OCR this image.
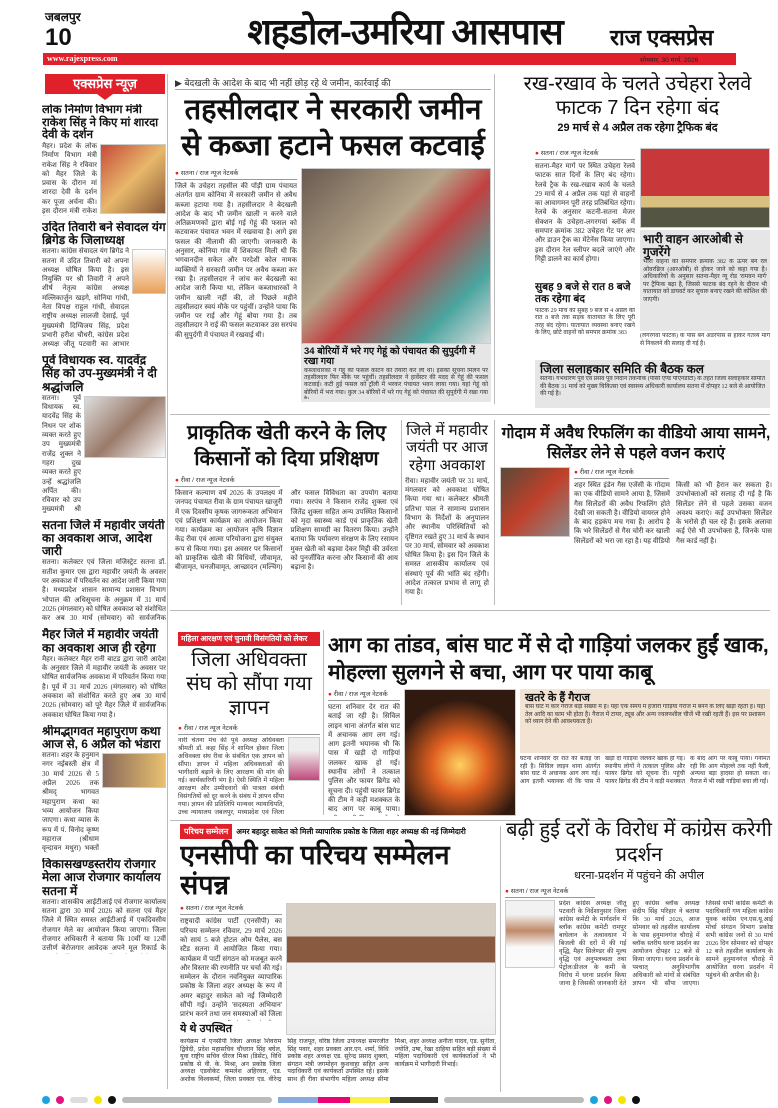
जबलपुर
10	शहडोल-उमरिया आसपास	राज एक्सप्रेस
www.rajexpress.com	सोमवार, 30 मार्च, 2026
एक्सप्रेस न्यूज़
लोक निर्माण विभाग मंत्री राकेश सिंह ने किए मां शारदा देवी के दर्शन
मैहर। प्रदेश के लोक निर्माण विभाग मंत्री राकेश सिंह ने रविवार को मैहर जिले के प्रवास के दौरान मां शारदा देवी के दर्शन कर पूजा अर्चना की। इस दौरान मंत्री राकेश
उदित तिवारी बने सेवादल यंग ब्रिगेड के जिलाध्यक्ष
सतना। कांग्रेस सेवादल यंग ब्रिगेड ने सतना में उदित तिवारी को अपना अध्यक्ष घोषित किया है। इस नियुक्ति पर श्री तिवारी ने अपने शीर्ष नेतृत्व कांग्रेस अध्यक्ष मल्लिकार्जुन खड़गे, सोनिया गांधी, नेता विपक्ष राहुल गांधी, सेवादल राष्ट्रीय अध्यक्ष लालजी देसाई, पूर्व मुख्यमंत्री दिग्विजय सिंह, प्रदेश प्रभारी हरीश चौधरी, कांग्रेस प्रदेश अध्यक्ष जीतू पटवारी का आभार
पूर्व विधायक स्व. यादवेंद्र सिंह को उप-मुख्यमंत्री ने दी श्रद्धांजलि
सतना। पूर्व विधायक स्व. यादवेंद्र सिंह के निधन पर शोक व्यक्त करते हुए उप मुख्यमंत्री राजेंद्र शुक्ल ने गहरा दुख व्यक्त करते हुए उन्हें श्रद्धांजलि अर्पित की। रविवार को उप मुख्यमंत्री श्री
सतना जिले में महावीर जयंती का अवकाश आज, आदेश जारी
सतना। कलेक्टर एवं जिला मजिस्ट्रेट सतना डॉ. सतीश कुमार एस द्वारा महावीर जयंती के अवसर पर अवकाश में परिवर्तन का आदेश जारी किया गया है। मध्यप्रदेश शासन सामान्य प्रशासन विभाग भोपाल की अधिसूचना के अनुक्रम में 31 मार्च 2026 (मंगलवार) को घोषित अवकाश को संशोधित कर अब 30 मार्च (सोमवार) को सार्वजनिक
मैहर जिले में महावीर जयंती का अवकाश आज ही रहेगा
मैहर। कलेक्टर मैहर रानी बाटड द्वारा जारी आदेश के अनुसार जिले में महावीर जयंती के अवसर पर घोषित सार्वजनिक अवकाश में परिवर्तन किया गया है। पूर्व में 31 मार्च 2026 (मंगलवार) को घोषित अवकाश को संशोधित करते हुए अब 30 मार्च 2026 (सोमवार) को पूरे मैहर जिले में सार्वजनिक अवकाश घोषित किया गया है।
श्रीमद्भागवत महापुराण कथा आज से, 6 अप्रैल को भंडारा
सतना। शहर के हनुमान नगर नईबस्ती क्षेत्र में 30 मार्च 2026 से 5 अप्रैल 2026 तक श्रीमद् भागवत महापुराण कथा का भव्य आयोजन किया जाएगा। कथा व्यास के रूप में पं. विनोद कृष्ण महाराज (श्रीधाम वृन्दावन मथुरा) भक्तों
विकासखण्डस्तरीय रोजगार मेला आज रोजगार कार्यालय सतना में
सतना। शासकीय आईटीआई एवं रोजगार कार्यालय सतना द्वारा 30 मार्च 2026 को सतना एवं मैहर जिले में स्थित समस्त आईटीआई में एकदिवसीय रोजगार मेले का आयोजन किया जाएगा। जिला रोजगार अधिकारी ने बताया कि 10वीं या 12वीं उत्तीर्ण बेरोजगार आवेदक अपने मूल रिकार्ड के
▶ बेदखली के आदेश के बाद भी नहीं छोड़ रहे थे जमीन, कार्रवाई की
तहसीलदार ने सरकारी जमीन से कब्जा हटाने फसल कटवाई
● सतना / राज न्यूज नेटवर्क
जिले के उचेहरा तहसील की पोंड़ी ग्राम पंचायत अंतर्गत ग्राम कोनिया में सरकारी जमीन से अवैध कब्जा हटाया गया है। तहसीलदार ने बेदखली आदेश के बाद भी जमीन खाली न करने वाले अतिक्रमणकों द्वारा बोई गई गेहूं की फसल को कटवाकर पंचायत भवन में रखवाया है। आगे इस फसल की नीलामी की जाएगी। जानकारी के अनुसार, कोनिया गांव में शिकायत मिली थी कि भगवानदीन सकेत और परदेशी कोल नामक व्यक्तियों ने सरकारी जमीन पर अवैध कब्जा कर रखा है। तहसीलदार ने जांच कर बेदखली का आदेश जारी किया था, लेकिन कब्जाधारकों ने जमीन खाली नहीं की, तो पिछले महीने तहसीलदार स्वयं मौके पर पहुंचीं। उन्होंने पाया कि जमीन पर राई और गेहूं बोया गया है। तब तहसीलदार ने राई की फसल कटवाकर उस सरपंच की सुपुर्दगी में पंचायत में रखवाई थी।
34 बोरियों में भरे गए गेहूं को पंचायत की सुपुर्दगी में रखा गया
कब्जाधारकों ने गेहूं की फसल काटने की तैयारी कर ली थी। इसकी सूचना मिलने पर तहसीलदार फिर मौके पर पहुंचीं। तहसीलदार ने हार्वेस्टर की मदद से गेहूं की फसल कटवाई। कटी हुई फसल को ट्रॉली में भरकर पंचायत भवन लाया गया। यहां गेहूं को बोरियों में भरा गया। कुल 34 बोरियों में भरे गए गेहूं को पंचायत की सुपुर्दगी में रखा गया
रख-रखाव के चलते उचेहरा रेलवे फाटक 7 दिन रहेगा बंद
29 मार्च से 4 अप्रैल तक रहेगा ट्रैफिक बंद
● सतना / राज न्यूज नेटवर्क
सतना-मैहर मार्ग पर स्थित उचेहरा रेलवे फाटक सात दिनों के लिए बंद रहेगा। रेलवे ट्रैक के रख-रखाव कार्य के चलते 29 मार्च से 4 अप्रैल तक यहां से वाहनों का आवागमन पूरी तरह प्रतिबंधित रहेगा। रेलवे के अनुसार कटनी-सतना मेजर सेक्शन के उचेहरा-लगरगवां ब्लॉक में समपार क्रमांक 382 उचेहरा गेट पर अप और डाउन ट्रैक का मेंटेनेंस किया जाएगा। इस दौरान रेल स्लीपर बदले जाएंगे और गिट्टी डालने का कार्य होगा।
सुबह 9 बजे से रात 8 बजे तक रहेगा बंद
फाटक 29 मार्च की सुबह 9 बजे से 4 अप्रैल की रात 8 बजे तक सड़क यातायात के लिए पूरी तरह बंद रहेगा। यातायात व्यवस्था बनाए रखने के लिए, छोटे वाहनों को समपार क्रमांक 383
भारी वाहन आरओबी से गुजरेंगे
भारी वाहनों को समपार क्रमांक 382 के ऊपर बने रेल ओवरब्रिज (आरओबी) से होकर जाने को कहा गया है। अधिकारियों के अनुसार सतना-मैहर न्यू रोड 'रामवन मार्ग' पर ट्रैफिक बढ़ा है, जिससे फाटक बंद रहने के दौरान भी यातायात को डायवर्ट कर सुचारु बनाए रखने की कोशिश की जाएगी।
(लगरगवां फाटक) के पास बने अंडरपास से होकर गंतव्य मार्ग से निकलने की सलाह दी गई है।
जिला सलाहकार समिति की बैठक कल
सतना। गर्भधारण पूर्व एवं प्रसव पूर्व निदान तकनीक (पीसी एण्ड पीएनडीटी) के तहत जिला सलाहकार समिति की बैठक 31 मार्च को मुख्य चिकित्सा एवं स्वास्थ्य अधिकारी कार्यालय सतना में दोपहर 12 बजे से आयोजित की गई है।
प्राकृतिक खेती करने के लिए किसानों को दिया प्रशिक्षण
● रीवा / राज न्यूज नेटवर्क
किसान कल्याण वर्ष 2026 के उपलक्ष्य में जनपद पंचायत रीवा के ग्राम पंचायत खाजुरी में एक दिवसीय कृषक जागरूकता अभियान एवं प्रशिक्षण कार्यक्रम का आयोजन किया गया। कार्यक्रम का आयोजन कृषि विज्ञान केंद्र रीवा एवं आत्मा परियोजना द्वारा संयुक्त रूप से किया गया। इस अवसर पर किसानों को प्राकृतिक खेती की विधियों, जीवामृत, बीजामृत, घनजीवामृत, आच्छादन (मल्चिंग) और फसल विविधता का उपयोग बताया गया। सरपंच ने किसान राजेंद्र शुक्ला एवं जितेंद्र शुक्ला सहित अन्य उपस्थित किसानों को मृदा स्वास्थ्य कार्ड एवं प्राकृतिक खेती प्रशिक्षण सामग्री का वितरण किया। उन्होंने बताया कि पर्यावरण संरक्षण के लिए रसायन मुक्त खेती को बढ़ावा देकर मिट्टी की उर्वरता को पुनर्जीवित करना और किसानों की आय बढ़ाना है।
जिले में महावीर जयंती पर आज रहेगा अवकाश
रीवा। महावीर जयंती पर 31 मार्च, मंगलवार को अवकाश घोषित किया गया था। कलेक्टर श्रीमती प्रतिभा पाल ने सामान्य प्रशासन विभाग के निर्देशों के अनुपालन और स्थानीय परिस्थितियों को दृष्टिगत रखते हुए 31 मार्च के स्थान पर 30 मार्च, सोमवार को अवकाश घोषित किया है। इस दिन जिले के समस्त शासकीय कार्यालय एवं संस्थाएं पूर्व की भांति बंद रहेंगी। आदेश तत्काल प्रभाव से लागू हो गया है।
गोदाम में अवैध रिफलिंग का वीडियो आया सामने, सिलेंडर लेने से पहले वजन कराएं
● रीवा / राज न्यूज नेटवर्क
शहर स्थित इंडेन गैस एजेंसी के गोदाम का एक वीडियो सामने आया है, जिसमें गैस सिलेंडरों की अवैध रिफलिंग होते देखी जा सकती है। वीडियो वायरल होने के बाद हड़कंप मच गया है। आरोप है कि भरे सिलेंडरों से गैस चोरी कर खाली सिलेंडरों को भरा जा रहा है। यह वीडियो किसी को भी हैरान कर सकता है। उपभोक्ताओं को सलाह दी गई है कि सिलेंडर लेने से पहले उसका वजन अवश्य कराएं। कई उपभोक्ता सिलेंडर के भरोसे ही चल रहे हैं। इसके अलावा कई ऐसे भी उपभोक्ता हैं, जिनके पास गैस कार्ड नहीं है।
महिला आरक्षण एवं चुनावी विसंगतियों को लेकर
जिला अधिवक्ता संघ को सौंपा गया ज्ञापन
● रीवा / राज न्यूज नेटवर्क
नारी चेतना मंच की पूर्व अध्यक्ष अधिवक्ता श्रीमती डॉ. कहा सिंह ने शामिल होकर जिला अधिवक्ता संघ रीवा के संबंधित एक ज्ञापन को सौंपा। ज्ञापन में महिला अधिवक्ताओं की भागीदारी बढ़ाने के लिए आरक्षण की मांग की गई। कार्यकारिणी भंग है। ऐसी स्थिति में महिला आरक्षण और उम्मीदवारों की पात्रता संबंधी विसंगतियों को दूर करने के संबंध में ज्ञापन सौंपा गया। ज्ञापन की प्रतिलिपि मान्यवर न्यायाधिपति, उच्च न्यायालय जबलपुर, मध्यप्रदेश एवं जिला
आग का तांडव, बांस घाट में से दो गाड़ियां जलकर हुईं खाक, मोहल्ला सुलगने से बचा, आग पर पाया काबू
● रीवा / राज न्यूज नेटवर्क
घटना शनिवार देर रात की बताई जा रही है। सिविल लाइन थाना अंतर्गत बांस घाट में अचानक आग लग गई। आग इतनी भयानक थी कि पास में खड़ी दो गाड़ियां जलकर खाक हो गईं। स्थानीय लोगों ने तत्काल पुलिस और फायर ब्रिगेड को सूचना दी। पहुंची फायर ब्रिगेड की टीम ने कड़ी मशक्कत के बाद आग पर काबू पाया।
खतरे के हैं गैराज
बांस घाट में कार गैराज बड़ी संख्या में हैं। यहां एक समय में हजारों गाड़ियां गैराज में बनने के लिए खड़ी रहती हैं। यहां तेल आदि का काम भी होता है। गैराज में टायर, ट्यूब और अन्य ज्वलनशील चीजें भी रखी रहती हैं। इस पर प्रशासन को ध्यान देने की आवश्यकता है।
घटना शनिवार देर रात की बताई जा रही है। सिविल लाइन थाना अंतर्गत बांस घाट में अचानक आग लग गई। आग इतनी भयानक थी कि पास में खड़ी दो गाड़ियां जलकर खाक हो गईं। स्थानीय लोगों ने तत्काल पुलिस और फायर ब्रिगेड को सूचना दी। पहुंची फायर ब्रिगेड की टीम ने कड़ी मशक्कत के बाद आग पर काबू पाया। गनीमत रही कि आग मोहल्ले तक नहीं फैली, अन्यथा बड़ा हादसा हो सकता था। गैराज में भी रखी गाड़ियां बचा ली गईं।
परिचय सम्मेलन	अमर बहादुर साकेत को मिली व्यापारिक प्रकोष्ठ के जिला शहर अध्यक्ष की नई जिम्मेदारी
एनसीपी का परिचय सम्मेलन संपन्न
● सतना / राज न्यूज नेटवर्क
राष्ट्रवादी कांग्रेस पार्टी (एनसीपी) का परिचय सम्मेलन रविवार, 29 मार्च 2026 को सायं 5 बजे होटल ओम पैलेस, बस स्टैंड सतना में आयोजित किया गया। कार्यक्रम में पार्टी संगठन को मजबूत करने और विस्तार की रणनीति पर चर्चा की गई। सम्मेलन के दौरान नवनियुक्त व्यापारिक प्रकोष्ठ के जिला शहर अध्यक्ष के रूप में अमर बहादुर साकेत को नई जिम्मेदारी सौंपी गई। उन्होंने 'सदस्यता अभियान' प्रारंभ करने तथा जन समस्याओं को जिला
ये थे उपस्थित
कार्यक्रम में एनसीपी जिला अध्यक्ष शिवराम द्विवेदी, प्रदेश महासचिव चौधरान सिंह बघेल, युवा राष्ट्रीय सचिव धीरज मिश्रा (डिसेंट), विधि प्रकोष्ठ से वी. के. मिश्रा, अन प्रकोष्ठ जिला अध्यक्ष एडवोकेट कमलेश अहिरवार, एड. अशोक विश्वकर्मा, जिला प्रवक्ता एड. वीरेन्द्र सिंह राजपूत, वरिष्ठ जिला उपाध्यक्ष समरजीत सिंह पवार, शहर प्रवक्ता आर.एन. शर्मा, विधि प्रकोष्ठ शहर अध्यक्ष एड. सुरेन्द्र प्रसाद शुक्ला, संगठन मंत्री जगमोहन कुशवाहा सहित अन्य पदाधिकारी एवं कार्यकर्ता उपस्थित रहे। इसके साथ ही रीवा संभागीय महिला अध्यक्ष सीमा मिश्रा, शहर अध्यक्ष अनीता यादव, एड. सुनीता, ज्योति, उषा, रेखा दाहिया सहित बड़ी संख्या में महिला पदाधिकारी एवं कार्यकर्ताओं ने भी कार्यक्रम में भागीदारी निभाई।
बढ़ी हुई दरों के विरोध में कांग्रेस करेगी प्रदर्शन
धरना-प्रदर्शन में पहुंचने की अपील
● सतना / राज न्यूज नेटवर्क
प्रदेश कांग्रेस अध्यक्ष जीतू पटवारी के निर्देशानुसार जिला कांग्रेस कमेटी के मार्गदर्शन में ब्लॉक कांग्रेस कमेटी रामपुर बाघेलान के तत्वावधान में बिजली की दरों में की गई वृद्धि, मैहर सिलेण्डर की मूल्य वृद्धि एवं अनुपलब्धता तथा पेट्रोल/डीजल के कमी के विरोध में धरना प्रदर्शन किया जाना है जिसकी जानकारी देते हुए कांग्रेस ब्लॉक अध्यक्ष संदीप सिंह परिहार ने बताया कि 30 मार्च 2026, आज सोमवार को तहसील कार्यालय के पास हनुमानगंज चौराहे में ब्लॉक स्तरीय धरना प्रदर्शन का आयोजन दोपहर 12 बजे से किया जाएगा। धरना प्रदर्शन के पश्चात् अनुविभागीय अधिकारी को मांगों से संबंधित ज्ञापन भी सौंपा जाएगा। जिससे सभी कांग्रेस कमेटी के पदाधिकारी गण महिला कांग्रेस युवक कांग्रेस एन.एस.यू.आई मोर्चा संगठन विभाग प्रकोष्ठ सभी कांग्रेस जनों से 30 मार्च 2026 दिन सोमवार को दोपहर 12 बजे तहसील कार्यालय के सामने हनुमानगंज चौराहे में आयोजित धरना प्रदर्शन में पहुंचने की अपील की है।
